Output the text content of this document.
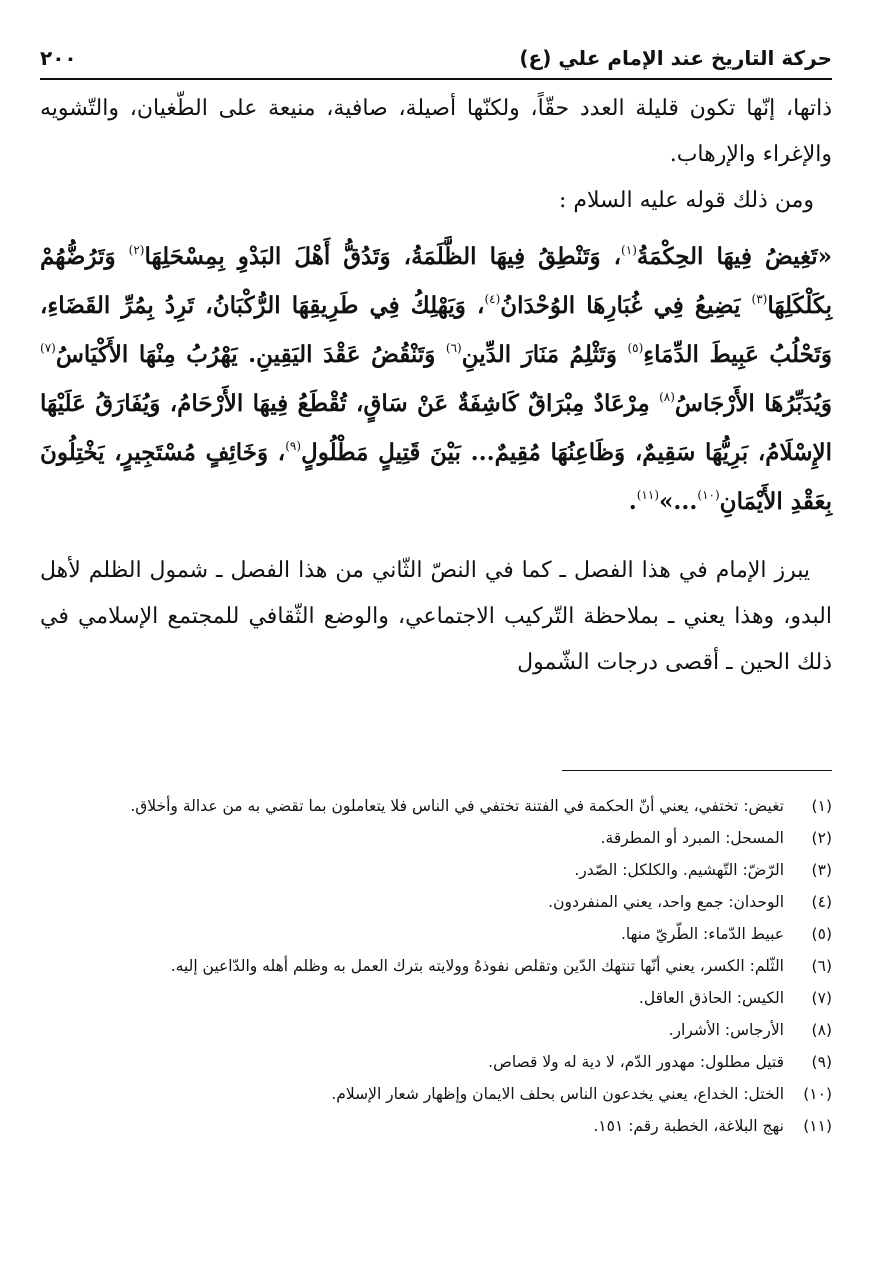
حركة التاريخ عند الإمام علي (ع)
٢٠٠

ذاتها، إنّها تكون قليلة العدد حقّاً، ولكنّها أصيلة، صافية، منيعة على الطّغيان، والتّشويه والإغراء والإرهاب.

ومن ذلك قوله عليه السلام :

«تَغِيضُ فِيهَا الحِكْمَةُ$^{(١)}$، وَتَنْطِقُ فِيهَا الظَّلَمَةُ، وَتَدُقُّ أَهْلَ البَدْوِ بِمِسْحَلِهَا$^{(٢)}$ وَتَرُضُّهُمْ بِكَلْكَلِهَا$^{(٣)}$ يَضِيعُ فِي غُبَارِهَا الوُحْدَانُ$^{(٤)}$، وَيَهْلِكُ فِي طَرِيقِهَا الرُّكْبَانُ، تَرِدُ بِمُرِّ القَضَاءِ، وَتَحْلُبُ عَبِيطَ الدِّمَاءِ$^{(٥)}$ وَتَثْلِمُ مَنَارَ الدِّينِ$^{(٦)}$ وَتَنْقُضُ عَقْدَ اليَقِينِ. يَهْرُبُ مِنْهَا الأَكْيَاسُ$^{(٧)}$ وَيُدَبِّرُهَا الأَرْجَاسُ$^{(٨)}$ مِرْعَادٌ مِبْرَاقٌ كَاشِفَةٌ عَنْ سَاقٍ، تُقْطَعُ فِيهَا الأَرْحَامُ، وَيُفَارَقُ عَلَيْهَا الإِسْلَامُ، بَرِيُّهَا سَقِيمٌ، وَظَاعِنُهَا مُقِيمٌ... بَيْنَ قَتِيلٍ مَطْلُولٍ$^{(٩)}$، وَخَائِفٍ مُسْتَجِيرٍ، يَخْتِلُونَ بِعَقْدِ الأَيْمَانِ$^{(١٠)}$...»$^{(١١)}$.

يبرز الإمام في هذا الفصل ـ كما في النصّ الثّاني من هذا الفصل ـ شمول الظلم لأهل البدو، وهذا يعني ـ بملاحظة التّركيب الاجتماعي، والوضع الثّقافي للمجتمع الإسلامي في ذلك الحين ـ أقصى درجات الشّمول

(١)
تغيض: تختفي، يعني أنّ الحكمة في الفتنة تختفي في الناس فلا يتعاملون بما تقضي به من عدالة وأخلاق.
(٢)
المسحل: المبرد أو المطرقة.
(٣)
الرّضّ: التّهشيم. والكلكل: الصّدر.
(٤)
الوحدان: جمع واحد، يعني المنفردون.
(٥)
عبيط الدّماء: الطّريّ منها.
(٦)
الثّلم: الكسر، يعني أنّها تنتهك الدّين وتقلص نفوذهُ وولايته بترك العمل به وظلم أهله والدّاعين إليه.
(٧)
الكيس: الحاذق العاقل.
(٨)
الأرجاس: الأشرار.
(٩)
قتيل مطلول: مهدور الدّم، لا دية له ولا قصاص.
(١٠)
الختل: الخداع، يعني يخدعون الناس بحلف الايمان وإظهار شعار الإسلام.
(١١)
نهج البلاغة، الخطبة رقم: ١٥١.
